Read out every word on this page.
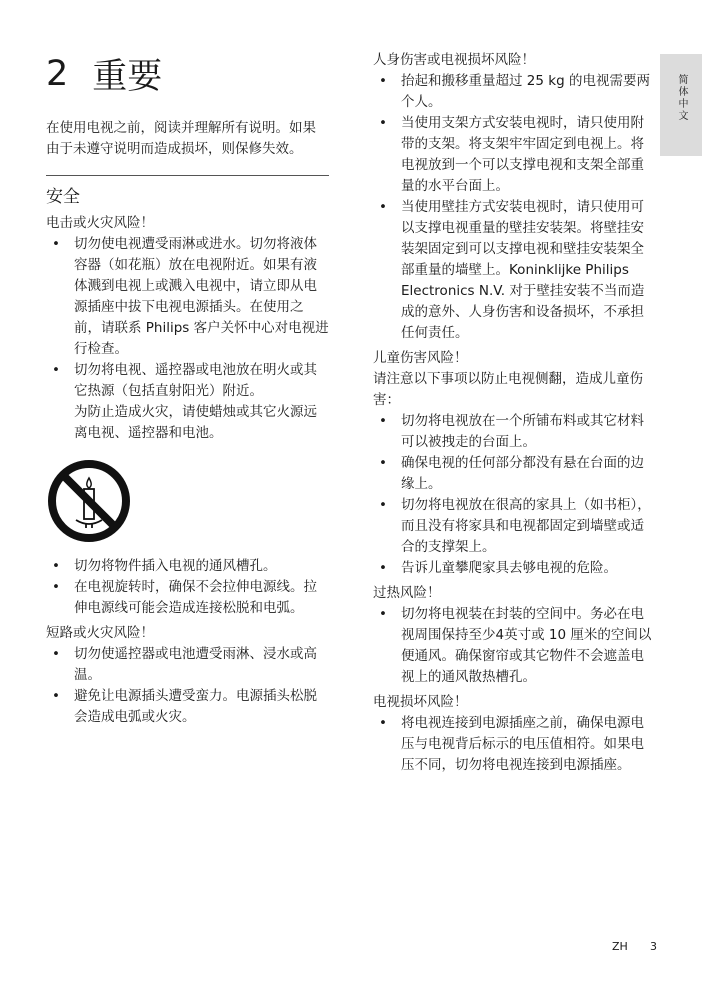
简体中文
2 重要

在使用电视之前，阅读并理解所有说明。如果由于未遵守说明而造成损坏，则保修失效。

安全
电击或火灾风险！
• 切勿使电视遭受雨淋或进水。切勿将液体容器（如花瓶）放在电视附近。如果有液体溅到电视上或溅入电视中，请立即从电源插座中拔下电视电源插头。在使用之前，请联系 Philips 客户关怀中心对电视进行检查。
• 切勿将电视、遥控器或电池放在明火或其它热源（包括直射阳光）附近。
为防止造成火灾，请使蜡烛或其它火源远离电视、遥控器和电池。
• 切勿将物件插入电视的通风槽孔。
• 在电视旋转时，确保不会拉伸电源线。拉伸电源线可能会造成连接松脱和电弧。
短路或火灾风险！
• 切勿使遥控器或电池遭受雨淋、浸水或高温。
• 避免让电源插头遭受蛮力。电源插头松脱会造成电弧或火灾。
人身伤害或电视损坏风险！
• 抬起和搬移重量超过 25 kg 的电视需要两个人。
• 当使用支架方式安装电视时，请只使用附带的支架。将支架牢牢固定到电视上。将电视放到一个可以支撑电视和支架全部重量的水平台面上。
• 当使用壁挂方式安装电视时，请只使用可以支撑电视重量的壁挂安装架。将壁挂安装架固定到可以支撑电视和壁挂安装架全部重量的墙壁上。Koninklijke Philips Electronics N.V. 对于壁挂安装不当而造成的意外、人身伤害和设备损坏，不承担任何责任。
儿童伤害风险！
请注意以下事项以防止电视侧翻，造成儿童伤害：
• 切勿将电视放在一个所铺布料或其它材料可以被拽走的台面上。
• 确保电视的任何部分都没有悬在台面的边缘上。
• 切勿将电视放在很高的家具上（如书柜），而且没有将家具和电视都固定到墙壁或适合的支撑架上。
• 告诉儿童攀爬家具去够电视的危险。
过热风险！
• 切勿将电视装在封装的空间中。务必在电视周围保持至少4英寸或 10 厘米的空间以便通风。确保窗帘或其它物件不会遮盖电视上的通风散热槽孔。
电视损坏风险！
• 将电视连接到电源插座之前，确保电源电压与电视背后标示的电压值相符。如果电压不同，切勿将电视连接到电源插座。
ZH 3
